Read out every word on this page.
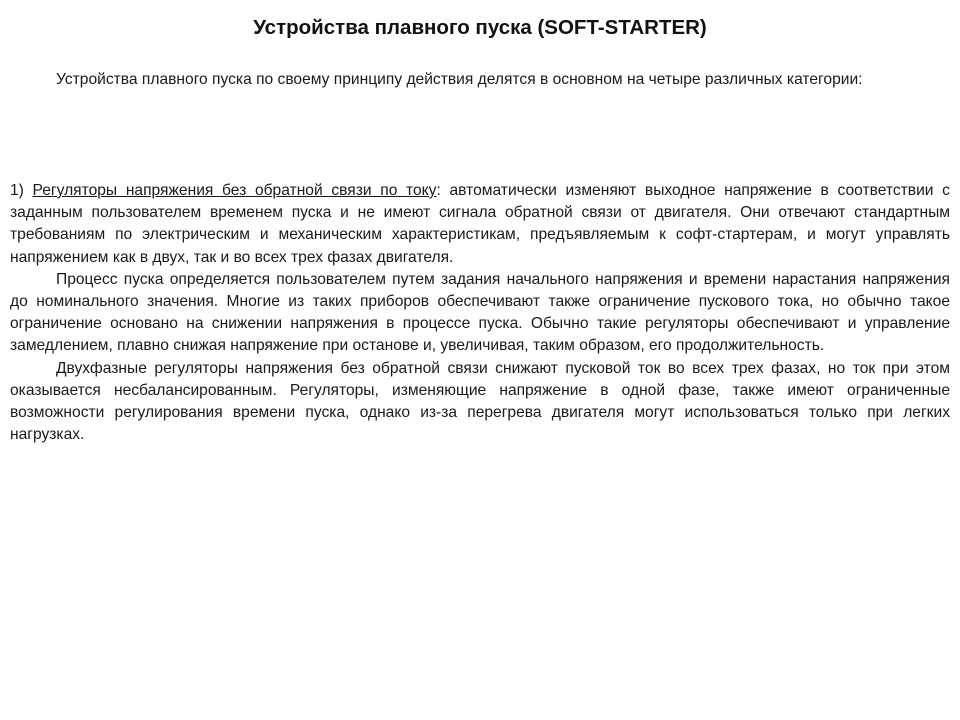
Устройства плавного пуска (SOFT-STARTER)

Устройства плавного пуска по своему принципу действия делятся в основном на четыре различных категории:

1) Регуляторы напряжения без обратной связи по току: автоматически изменяют выходное напряжение в соответствии с заданным пользователем временем пуска и не имеют сигнала обратной связи от двигателя. Они отвечают стандартным требованиям по электрическим и механическим характеристикам, предъявляемым к софт-стартерам, и могут управлять напряжением как в двух, так и во всех трех фазах двигателя.

Процесс пуска определяется пользователем путем задания начального напряжения и времени нарастания напряжения до номинального значения. Многие из таких приборов обеспечивают также ограничение пускового тока, но обычно такое ограничение основано на снижении напряжения в процессе пуска. Обычно такие регуляторы обеспечивают и управление замедлением, плавно снижая напряжение при останове и, увеличивая, таким образом, его продолжительность.

Двухфазные регуляторы напряжения без обратной связи снижают пусковой ток во всех трех фазах, но ток при этом оказывается несбалансированным. Регуляторы, изменяющие напряжение в одной фазе, также имеют ограниченные возможности регулирования времени пуска, однако из-за перегрева двигателя могут использоваться только при легких нагрузках.
